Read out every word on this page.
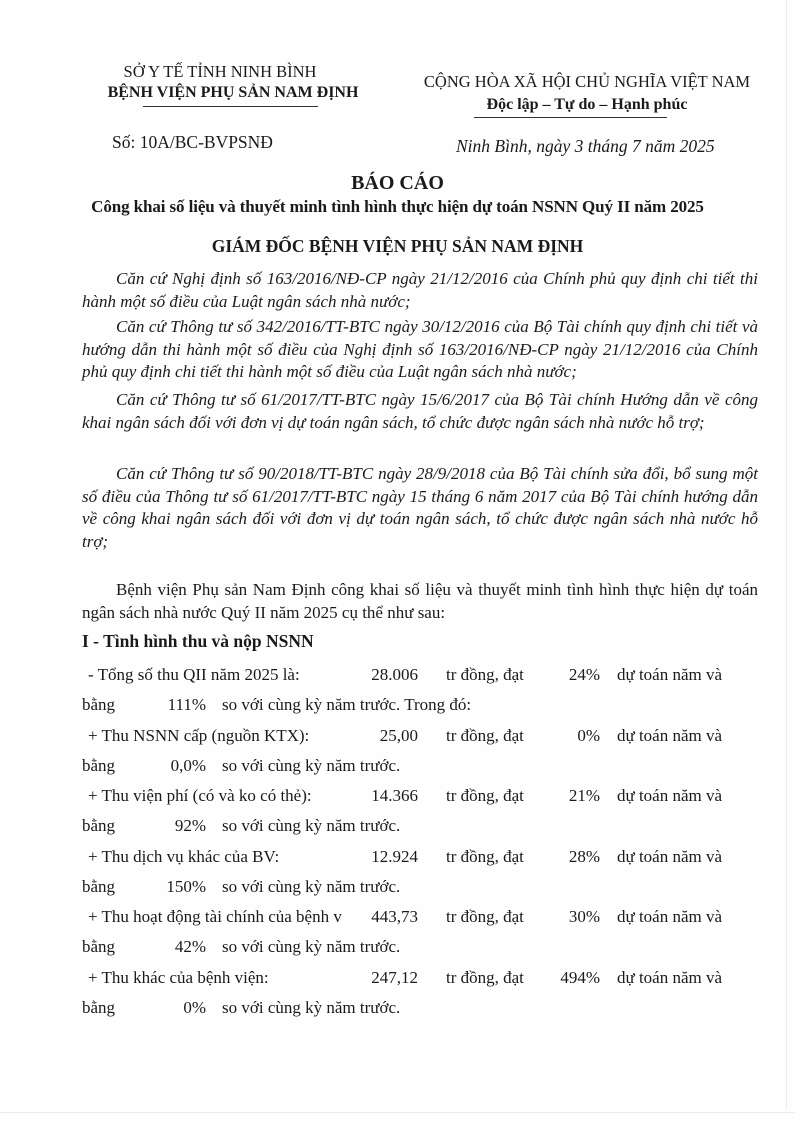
SỞ Y TẾ TỈNH NINH BÌNH
BỆNH VIỆN PHỤ SẢN NAM ĐỊNH
Số: 10A/BC-BVPSNĐ
CỘNG HÒA XÃ HỘI CHỦ NGHĨA VIỆT NAM
Độc lập – Tự do – Hạnh phúc
Ninh Bình, ngày 3 tháng 7 năm 2025
BÁO CÁO
Công khai số liệu và thuyết minh tình hình thực hiện dự toán NSNN Quý II năm 2025
GIÁM ĐỐC BỆNH VIỆN PHỤ SẢN NAM ĐỊNH
Căn cứ Nghị định số 163/2016/NĐ-CP ngày 21/12/2016 của Chính phủ quy định chi tiết thi hành một số điều của Luật ngân sách nhà nước;
Căn cứ Thông tư số 342/2016/TT-BTC ngày 30/12/2016 của Bộ Tài chính quy định chi tiết và hướng dẫn thi hành một số điều của Nghị định số 163/2016/NĐ-CP ngày 21/12/2016 của Chính phủ quy định chi tiết thi hành một số điều của Luật ngân sách nhà nước;
Căn cứ Thông tư số 61/2017/TT-BTC ngày 15/6/2017 của Bộ Tài chính Hướng dẫn về công khai ngân sách đối với đơn vị dự toán ngân sách, tổ chức được ngân sách nhà nước hỗ trợ;
Căn cứ Thông tư số 90/2018/TT-BTC ngày 28/9/2018 của Bộ Tài chính sửa đổi, bổ sung một số điều của Thông tư số 61/2017/TT-BTC ngày 15 tháng 6 năm 2017 của Bộ Tài chính hướng dẫn về công khai ngân sách đối với đơn vị dự toán ngân sách, tổ chức được ngân sách nhà nước hỗ trợ;
Bệnh viện Phụ sản Nam Định công khai số liệu và thuyết minh tình hình thực hiện dự toán ngân sách nhà nước Quý II năm 2025 cụ thể như sau:
I - Tình hình thu và nộp NSNN
- Tổng số thu QII năm 2025 là:	28.006 tr đồng, đạt	24% dự toán năm và
bằng	111% so với cùng kỳ năm trước. Trong đó:
+ Thu NSNN cấp (nguồn KTX):	25,00 tr đồng, đạt	0% dự toán năm và
bằng	0,0% so với cùng kỳ năm trước.
+ Thu viện phí (có và ko có thẻ):	14.366 tr đồng, đạt	21% dự toán năm và
bằng	92% so với cùng kỳ năm trước.
+ Thu dịch vụ khác của BV:	12.924 tr đồng, đạt	28% dự toán năm và
bằng	150% so với cùng kỳ năm trước.
+ Thu hoạt động tài chính của bệnh v	443,73 tr đồng, đạt	30% dự toán năm và
bằng	42% so với cùng kỳ năm trước.
+ Thu khác của bệnh viện:	247,12 tr đồng, đạt	494% dự toán năm và
bằng	0% so với cùng kỳ năm trước.
